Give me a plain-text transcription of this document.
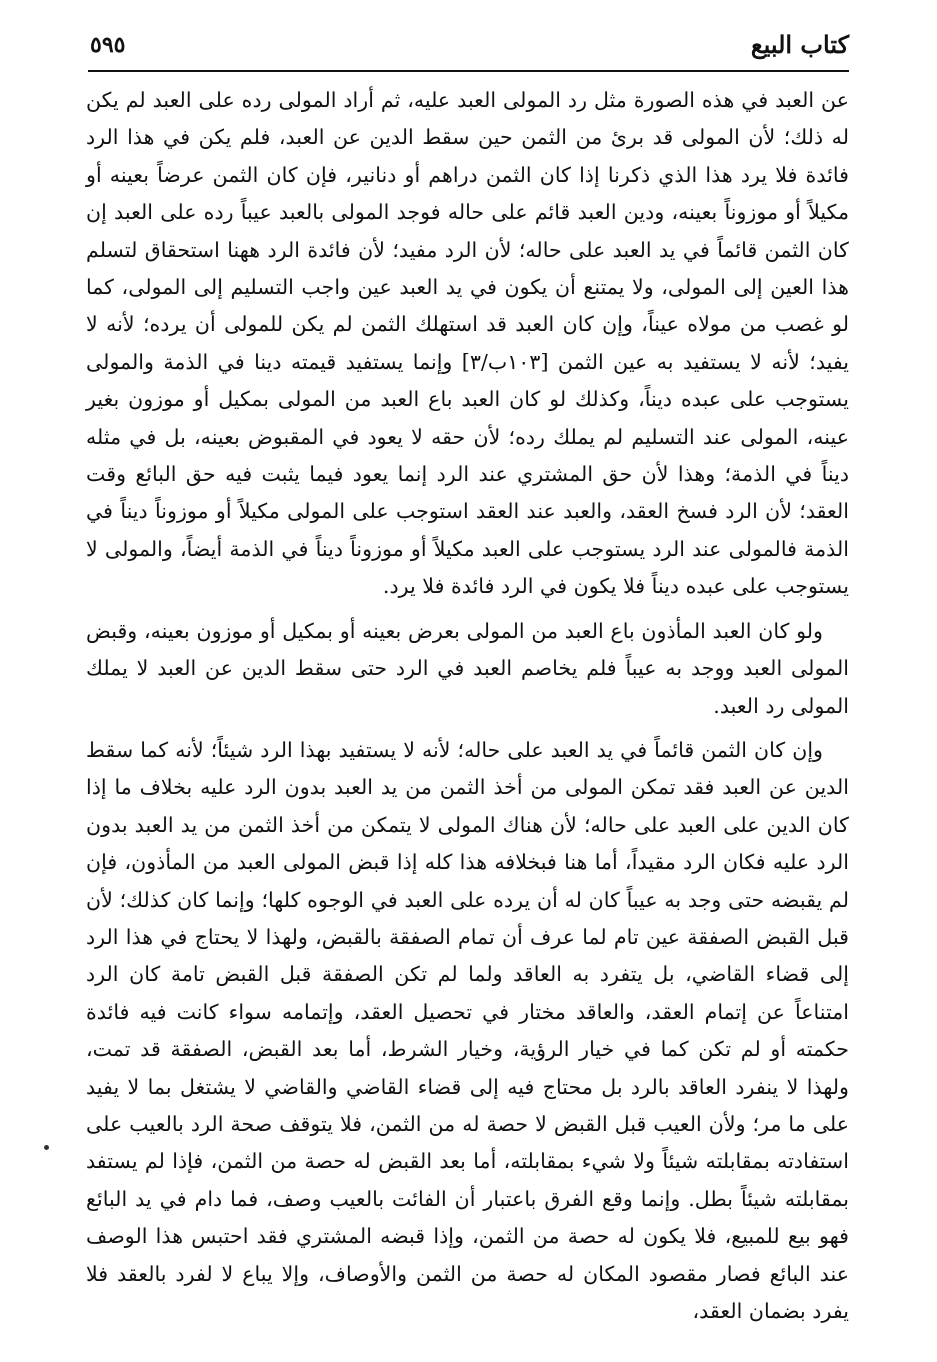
٥٩٥	كتاب البيع

عن العبد في هذه الصورة مثل رد المولى العبد عليه، ثم أراد المولى رده على العبد لم يكن له ذلك؛ لأن المولى قد برئ من الثمن حين سقط الدين عن العبد، فلم يكن في هذا الرد فائدة فلا يرد هذا الذي ذكرنا إذا كان الثمن دراهم أو دنانير، فإن كان الثمن عرضاً بعينه أو مكيلاً أو موزوناً بعينه، ودين العبد قائم على حاله فوجد المولى بالعبد عيباً رده على العبد إن كان الثمن قائماً في يد العبد على حاله؛ لأن الرد مفيد؛ لأن فائدة الرد ههنا استحقاق لتسلم هذا العين إلى المولى، ولا يمتنع أن يكون في يد العبد عين واجب التسليم إلى المولى، كما لو غصب من مولاه عيناً، وإن كان العبد قد استهلك الثمن لم يكن للمولى أن يرده؛ لأنه لا يفيد؛ لأنه لا يستفيد به عين الثمن [١٠٣ب/٣] وإنما يستفيد قيمته دينا في الذمة والمولى يستوجب على عبده ديناً، وكذلك لو كان العبد باع العبد من المولى بمكيل أو موزون بغير عينه، المولى عند التسليم لم يملك رده؛ لأن حقه لا يعود في المقبوض بعينه، بل في مثله ديناً في الذمة؛ وهذا لأن حق المشتري عند الرد إنما يعود فيما يثبت فيه حق البائع وقت العقد؛ لأن الرد فسخ العقد، والعبد عند العقد استوجب على المولى مكيلاً أو موزوناً ديناً في الذمة فالمولى عند الرد يستوجب على العبد مكيلاً أو موزوناً ديناً في الذمة أيضاً، والمولى لا يستوجب على عبده ديناً فلا يكون في الرد فائدة فلا يرد.

ولو كان العبد المأذون باع العبد من المولى بعرض بعينه أو بمكيل أو موزون بعينه، وقبض المولى العبد ووجد به عيباً فلم يخاصم العبد في الرد حتى سقط الدين عن العبد لا يملك المولى رد العبد.

وإن كان الثمن قائماً في يد العبد على حاله؛ لأنه لا يستفيد بهذا الرد شيئاً؛ لأنه كما سقط الدين عن العبد فقد تمكن المولى من أخذ الثمن من يد العبد بدون الرد عليه بخلاف ما إذا كان الدين على العبد على حاله؛ لأن هناك المولى لا يتمكن من أخذ الثمن من يد العبد بدون الرد عليه فكان الرد مقيداً، أما هنا فبخلافه هذا كله إذا قبض المولى العبد من المأذون، فإن لم يقبضه حتى وجد به عيباً كان له أن يرده على العبد في الوجوه كلها؛ وإنما كان كذلك؛ لأن قبل القبض الصفقة عين تام لما عرف أن تمام الصفقة بالقبض، ولهذا لا يحتاج في هذا الرد إلى قضاء القاضي، بل يتفرد به العاقد ولما لم تكن الصفقة قبل القبض تامة كان الرد امتناعاً عن إتمام العقد، والعاقد مختار في تحصيل العقد، وإتمامه سواء كانت فيه فائدة حكمته أو لم تكن كما في خيار الرؤية، وخيار الشرط، أما بعد القبض، الصفقة قد تمت، ولهذا لا ينفرد العاقد بالرد بل محتاج فيه إلى قضاء القاضي والقاضي لا يشتغل بما لا يفيد على ما مر؛ ولأن العيب قبل القبض لا حصة له من الثمن، فلا يتوقف صحة الرد بالعيب على استفادته بمقابلته شيئاً ولا شيء بمقابلته، أما بعد القبض له حصة من الثمن، فإذا لم يستفد بمقابلته شيئاً بطل. وإنما وقع الفرق باعتبار أن الفائت بالعيب وصف، فما دام في يد البائع فهو بيع للمبيع، فلا يكون له حصة من الثمن، وإذا قبضه المشتري فقد احتبس هذا الوصف عند البائع فصار مقصود المكان له حصة من الثمن والأوصاف، وإلا يباع لا لفرد بالعقد فلا يفرد بضمان العقد،
